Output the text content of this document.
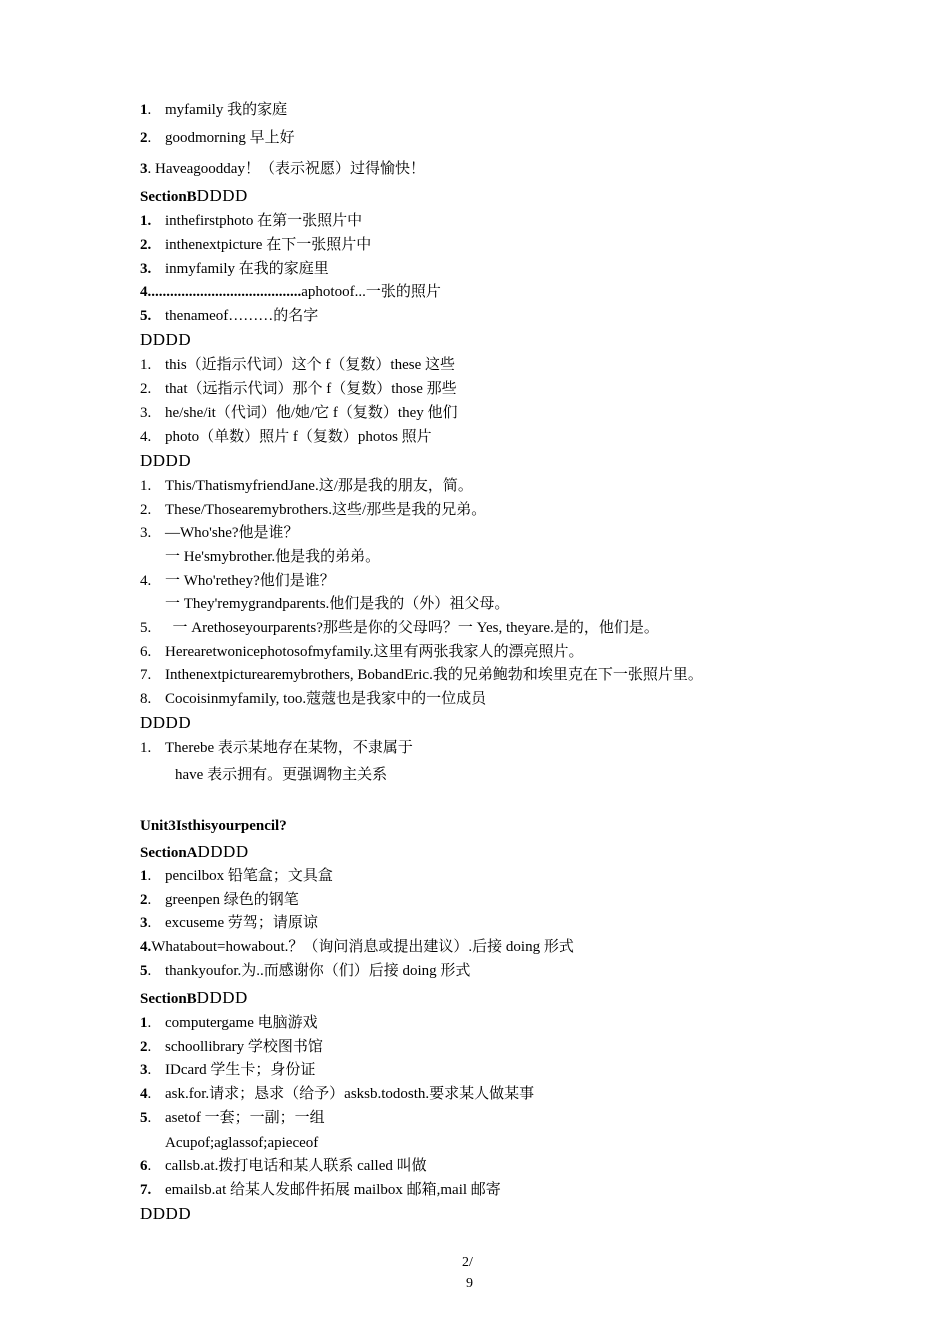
1. myfamily 我的家庭
2. goodmorning 早上好
3. Haveagoodday！（表示祝愿）过得愉快！
SectionBDDDD
1. inthefirstphoto 在第一张照片中
2. inthenextpicture 在下一张照片中
3. inmyfamily 在我的家庭里
4.........................................aphotoof...一张的照片
5. thenameof………的名字
DDDD
1. this（近指示代词）这个 f（复数）these 这些
2. that（远指示代词）那个 f（复数）those 那些
3. he/she/it（代词）他/她/它 f（复数）they 他们
4. photo（单数）照片 f（复数）photos 照片
DDDD
1. This/ThatismyfriendJane.这/那是我的朋友，简。
2. These/Thosearemybrothers.这些/那些是我的兄弟。
3. —Who'she?他是谁？
一 He'smybrother.他是我的弟弟。
4. 一 Who'rethey?他们是谁？
一 They'remygrandparents.他们是我的（外）祖父母。
5.  一 Arethoseyourparents?那些是你的父母吗？一 Yes, theyare.是的，他们是。
6. Herearetwonicephotosofmyfamily.这里有两张我家人的漂亮照片。
7. Inthenextpicturearemybrothers, BobandEric.我的兄弟鲍勃和埃里克在下一张照片里。
8. Cocoisinmyfamily, too.蔻蔻也是我家中的一位成员
DDDD
1. Therebe 表示某地存在某物，不隶属于
have 表示拥有。更强调物主关系
Unit3Isthisyourpencil?
SectionADDDD
1. pencilbox 铅笔盒；文具盒
2. greenpen 绿色的钢笔
3. excuseme 劳驾；请原谅
4.Whatabout=howabout.？（询问消息或提出建议）.后接 doing 形式
5. thankyoufor.为..而感谢你（们）后接 doing 形式
SectionBDDDD
1. computergame 电脑游戏
2. schoollibrary 学校图书馆
3. IDcard 学生卡；身份证
4. ask.for.请求；恳求（给予）asksb.todosth.要求某人做某事
5. asetof 一套；一副；一组
Acupof;aglassof;apieceof
6. callsb.at.拨打电话和某人联系 called 叫做
7. emailsb.at 给某人发邮件拓展 mailbox 邮箱,mail 邮寄
DDDD
2/
9
